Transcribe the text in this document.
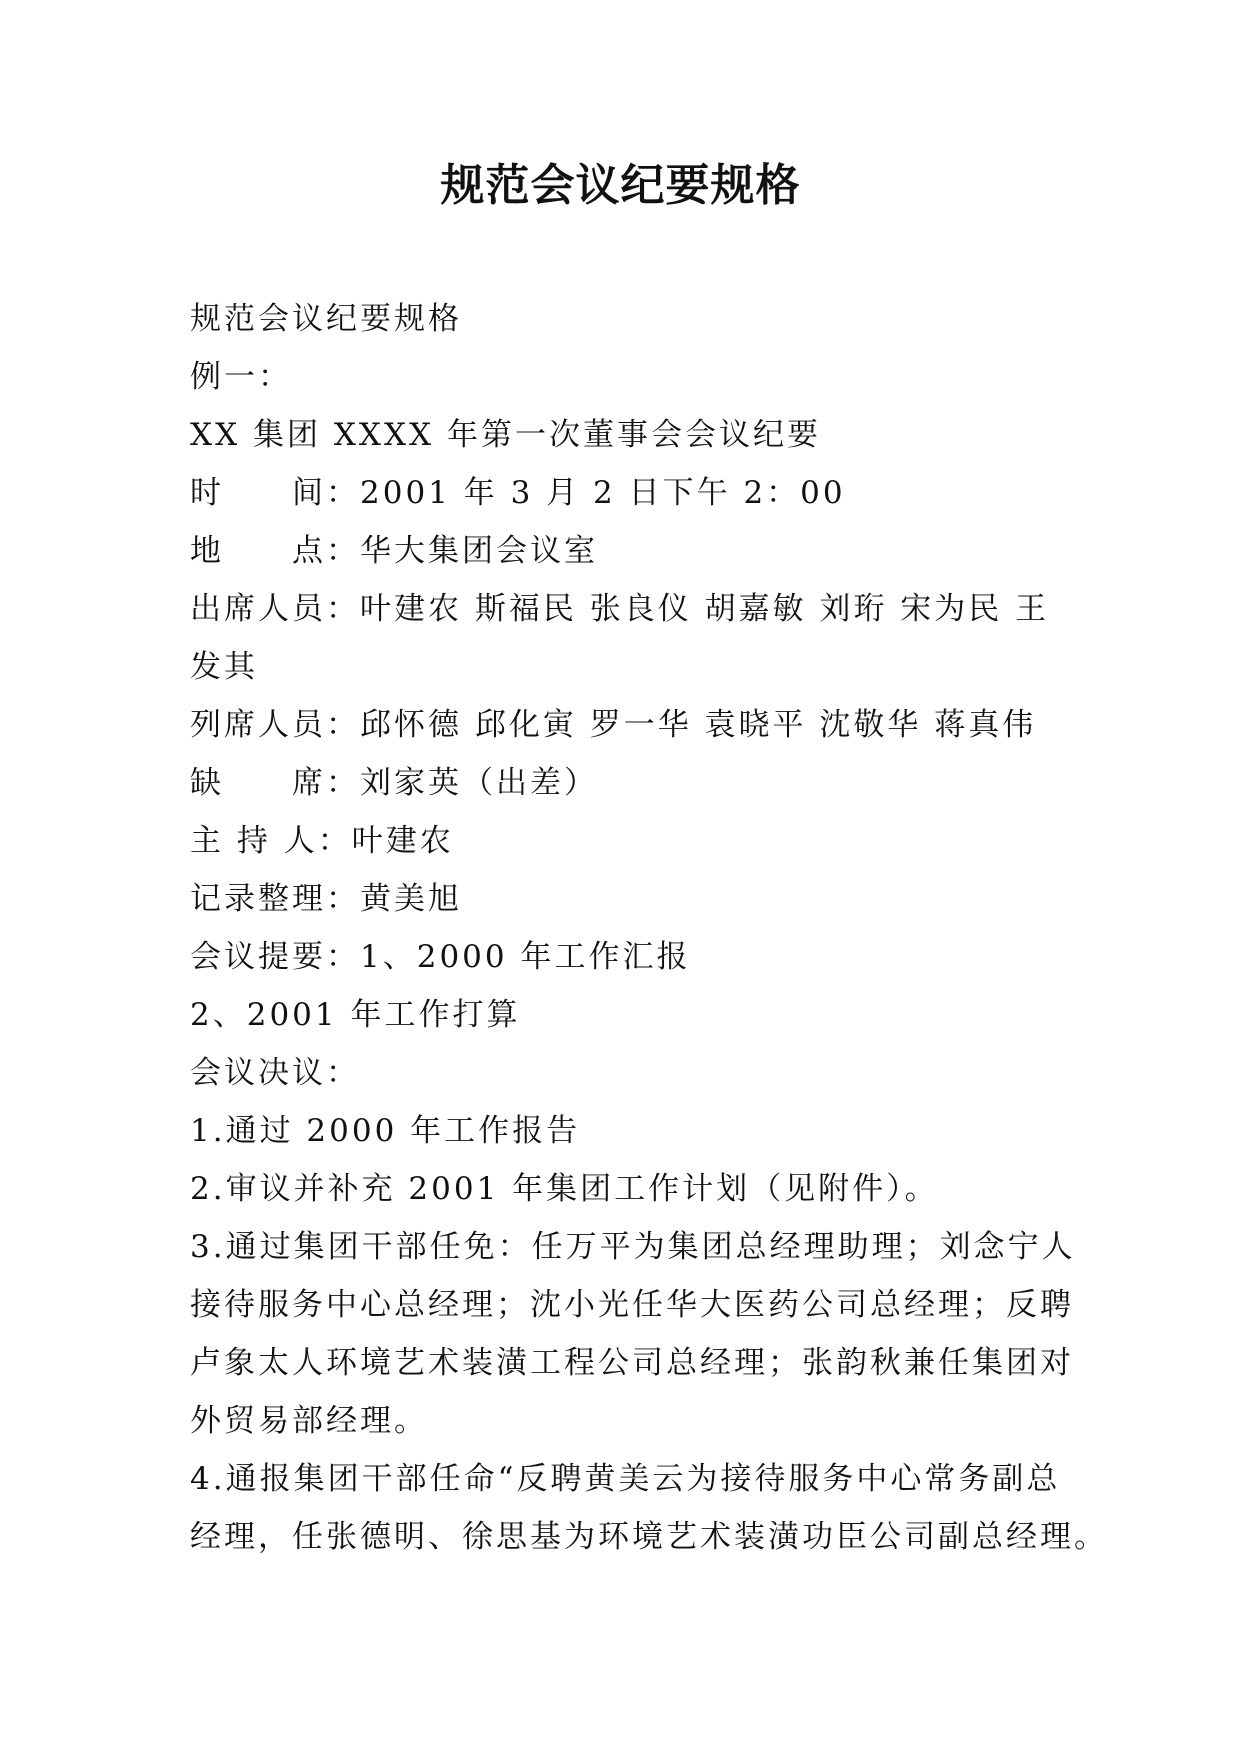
规范会议纪要规格

规范会议纪要规格

例一：

XX 集团 XXXX 年第一次董事会会议纪要

时　　间：2001 年 3 月 2 日下午 2：00

地　　点：华大集团会议室

出席人员：叶建农 斯福民 张良仪 胡嘉敏 刘珩 宋为民 王

发其

列席人员：邱怀德 邱化寅 罗一华 袁晓平 沈敬华 蒋真伟

缺　　席：刘家英（出差）

主 持 人：叶建农

记录整理：黄美旭

会议提要：1、2000 年工作汇报

2、2001 年工作打算

会议决议：

1.通过 2000 年工作报告

2.审议并补充 2001 年集团工作计划（见附件）。

3.通过集团干部任免：任万平为集团总经理助理；刘念宁人

接待服务中心总经理；沈小光任华大医药公司总经理；反聘

卢象太人环境艺术装潢工程公司总经理；张韵秋兼任集团对

外贸易部经理。

4.通报集团干部任命“反聘黄美云为接待服务中心常务副总

经理，任张德明、徐思基为环境艺术装潢功臣公司副总经理。
